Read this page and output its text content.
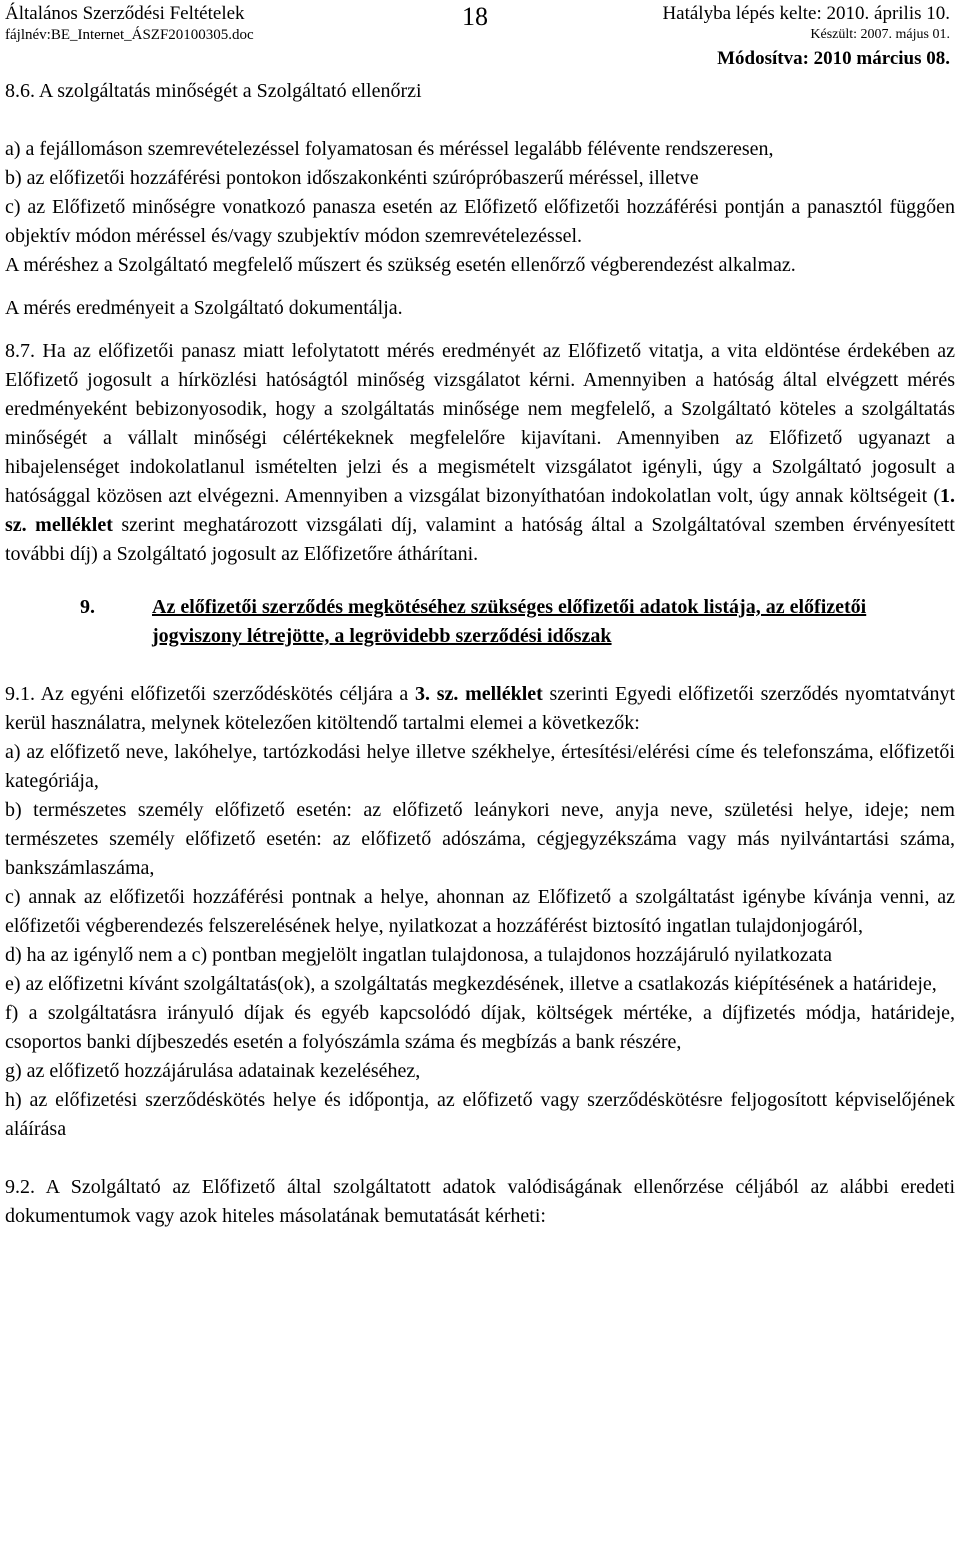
Általános Szerződési Feltételek
fájlnév:BE_Internet_ÁSZF20100305.doc
18	Hatályba lépés kelte: 2010. április 10.
Készült: 2007. május 01.
Módosítva: 2010 március 08.

8.6. A szolgáltatás minőségét a Szolgáltató ellenőrzi

a) a fejállomáson szemrevételezéssel folyamatosan és méréssel legalább félévente rendszeresen,

b) az előfizetői hozzáférési pontokon időszakonkénti szúrópróbaszerű méréssel, illetve

c) az Előfizető minőségre vonatkozó panasza esetén az Előfizető előfizetői hozzáférési pontján a panasztól függően objektív módon méréssel és/vagy szubjektív módon szemrevételezéssel.

A méréshez a Szolgáltató megfelelő műszert és szükség esetén ellenőrző végberendezést alkalmaz.

A mérés eredményeit a Szolgáltató dokumentálja.

8.7. Ha az előfizetői panasz miatt lefolytatott mérés eredményét az Előfizető vitatja, a vita eldöntése érdekében az Előfizető jogosult a hírközlési hatóságtól minőség vizsgálatot kérni. Amennyiben a hatóság által elvégzett mérés eredményeként bebizonyosodik, hogy a szolgáltatás minősége nem megfelelő, a Szolgáltató köteles a szolgáltatás minőségét a vállalt minőségi célértékeknek megfelelőre kijavítani. Amennyiben az Előfizető ugyanazt a hibajelenséget indokolatlanul ismételten jelzi és a megismételt vizsgálatot igényli, úgy a Szolgáltató jogosult a hatósággal közösen azt elvégezni. Amennyiben a vizsgálat bizonyíthatóan indokolatlan volt, úgy annak költségeit (1. sz. melléklet szerint meghatározott vizsgálati díj, valamint a hatóság által a Szolgáltatóval szemben érvényesített további díj) a Szolgáltató jogosult az Előfizetőre áthárítani.

9.	Az előfizetői szerződés megkötéséhez szükséges előfizetői adatok listája, az előfizetői jogviszony létrejötte, a legrövidebb szerződési időszak

9.1. Az egyéni előfizetői szerződéskötés céljára a 3. sz. melléklet szerinti Egyedi előfizetői szerződés nyomtatványt kerül használatra, melynek kötelezően kitöltendő tartalmi elemei a következők:

a) az előfizető neve, lakóhelye, tartózkodási helye illetve székhelye, értesítési/elérési címe és telefonszáma, előfizetői kategóriája,

b) természetes személy előfizető esetén: az előfizető leánykori neve, anyja neve, születési helye, ideje; nem természetes személy előfizető esetén: az előfizető adószáma, cégjegyzékszáma vagy más nyilvántartási száma, bankszámlaszáma,

c) annak az előfizetői hozzáférési pontnak a helye, ahonnan az Előfizető a szolgáltatást igénybe kívánja venni, az előfizetői végberendezés felszerelésének helye, nyilatkozat a hozzáférést biztosító ingatlan tulajdonjogáról,

d) ha az igénylő nem a c) pontban megjelölt ingatlan tulajdonosa, a tulajdonos hozzájáruló nyilatkozata

e) az előfizetni kívánt szolgáltatás(ok), a szolgáltatás megkezdésének, illetve a csatlakozás kiépítésének a határideje,

f) a szolgáltatásra irányuló díjak és egyéb kapcsolódó díjak, költségek mértéke, a díjfizetés módja, határideje, csoportos banki díjbeszedés esetén a folyószámla száma és megbízás a bank részére,

g) az előfizető hozzájárulása adatainak kezeléséhez,

h) az előfizetési szerződéskötés helye és időpontja, az előfizető vagy szerződéskötésre feljogosított képviselőjének aláírása

9.2. A Szolgáltató az Előfizető által szolgáltatott adatok valódiságának ellenőrzése céljából az alábbi eredeti dokumentumok vagy azok hiteles másolatának bemutatását kérheti:
